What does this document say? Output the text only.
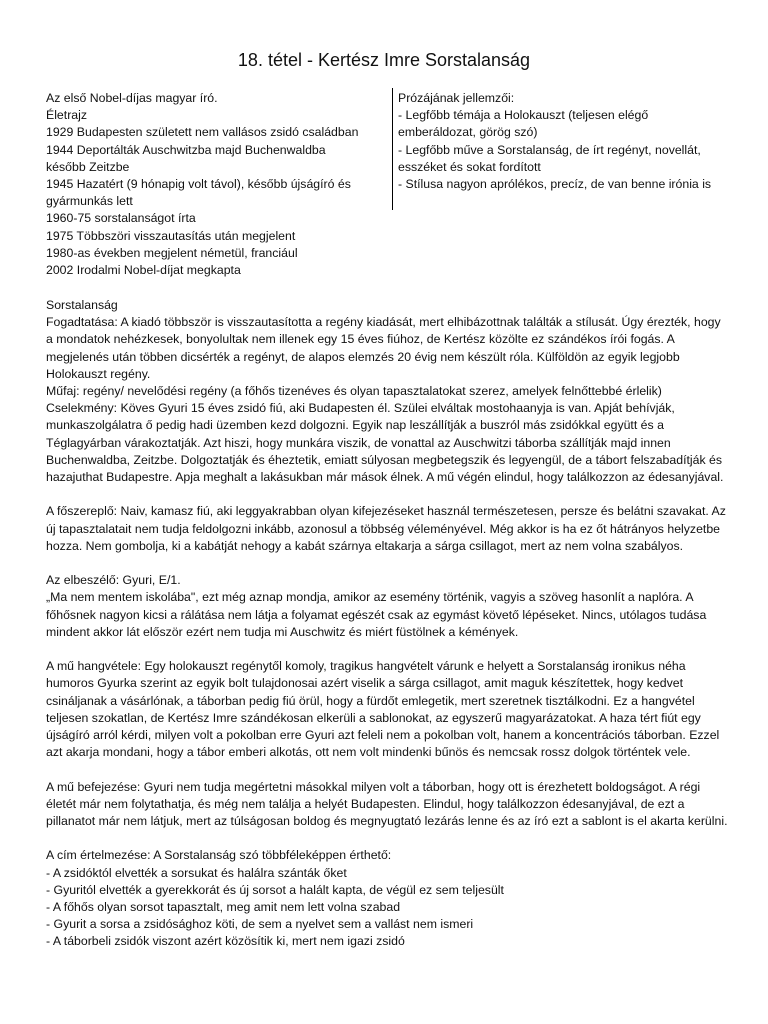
18. tétel - Kertész Imre Sorstalanság
Az első Nobel-díjas magyar író.
Életrajz
1929 Budapesten született nem vallásos zsidó családban
1944 Deportálták Auschwitzba majd Buchenwaldba
később Zeitzbe
1945 Hazatért (9 hónapig volt távol), később újságíró és
gyármunkás lett
1960-75 sorstalanságot írta
1975 Többszöri visszautasítás után megjelent
1980-as években megjelent németül, franciául
2002 Irodalmi Nobel-díjat megkapta
Prózájának jellemzői:
- Legfőbb témája a Holokauszt (teljesen elégő emberáldozat, görög szó)
- Legfőbb műve a Sorstalanság, de írt regényt, novellát, esszéket és sokat fordított
- Stílusa nagyon aprólékos, precíz, de van benne irónia is

Sorstalanság

Fogadtatása: A kiadó többször is visszautasította a regény kiadását, mert elhibázottnak találták a stílusát. Úgy érezték, hogy a mondatok nehézkesek, bonyolultak nem illenek egy 15 éves fiúhoz, de Kertész közölte ez szándékos írói fogás. A megjelenés után többen dicsérték a regényt, de alapos elemzés 20 évig nem készült róla. Külföldön az egyik legjobb Holokauszt regény.

Műfaj: regény/ nevelődési regény (a főhős tizenéves és olyan tapasztalatokat szerez, amelyek felnőttebbé érlelik)

Cselekmény: Köves Gyuri 15 éves zsidó fiú, aki Budapesten él. Szülei elváltak mostohaanyja is van. Apját behívják, munkaszolgálatra ő pedig hadi üzemben kezd dolgozni. Egyik nap leszállítják a buszról más zsidókkal együtt és a Téglagyárban várakoztatják. Azt hiszi, hogy munkára viszik, de vonattal az Auschwitzi táborba szállítják majd innen Buchenwaldba, Zeitzbe. Dolgoztatják és éheztetik, emiatt súlyosan megbetegszik és legyengül, de a tábort felszabadítják és hazajuthat Budapestre. Apja meghalt a lakásukban már mások élnek. A mű végén elindul, hogy találkozzon az édesanyjával.

A főszereplő: Naiv, kamasz fiú, aki leggyakrabban olyan kifejezéseket használ természetesen, persze és belátni szavakat. Az új tapasztalatait nem tudja feldolgozni inkább, azonosul a többség véleményével. Még akkor is ha ez őt hátrányos helyzetbe hozza. Nem gombolja, ki a kabátját nehogy a kabát szárnya eltakarja a sárga csillagot, mert az nem volna szabályos.

Az elbeszélő: Gyuri, E/1.

„Ma nem mentem iskolába", ezt még aznap mondja, amikor az esemény történik, vagyis a szöveg hasonlít a naplóra. A főhősnek nagyon kicsi a rálátása nem látja a folyamat egészét csak az egymást követő lépéseket. Nincs, utólagos tudása mindent akkor lát először ezért nem tudja mi Auschwitz és miért füstölnek a kémények.

A mű hangvétele: Egy holokauszt regénytől komoly, tragikus hangvételt várunk e helyett a Sorstalanság ironikus néha humoros Gyurka szerint az egyik bolt tulajdonosai azért viselik a sárga csillagot, amit maguk készítettek, hogy kedvet csináljanak a vásárlónak, a táborban pedig fiú örül, hogy a fürdőt emlegetik, mert szeretnek tisztálkodni. Ez a hangvétel teljesen szokatlan, de Kertész Imre szándékosan elkerüli a sablonokat, az egyszerű magyarázatokat. A haza tért fiút egy újságíró arról kérdi, milyen volt a pokolban erre Gyuri azt feleli nem a pokolban volt, hanem a koncentrációs táborban. Ezzel azt akarja mondani, hogy a tábor emberi alkotás, ott nem volt mindenki bűnös és nemcsak rossz dolgok történtek vele.

A mű befejezése: Gyuri nem tudja megértetni másokkal milyen volt a táborban, hogy ott is érezhetett boldogságot. A régi életét már nem folytathatja, és még nem találja a helyét Budapesten. Elindul, hogy találkozzon édesanyjával, de ezt a pillanatot már nem látjuk, mert az túlságosan boldog és megnyugtató lezárás lenne és az író ezt a sablont is el akarta kerülni.

A cím értelmezése: A Sorstalanság szó többféleképpen érthető:

- A zsidóktól elvették a sorsukat és halálra szánták őket

- Gyuritól elvették a gyerekkorát és új sorsot a halált kapta, de végül ez sem teljesült

- A főhős olyan sorsot tapasztalt, meg amit nem lett volna szabad

- Gyurit a sorsa a zsidósághoz köti, de sem a nyelvet sem a vallást nem ismeri

- A táborbeli zsidók viszont azért közösítik ki, mert nem igazi zsidó
